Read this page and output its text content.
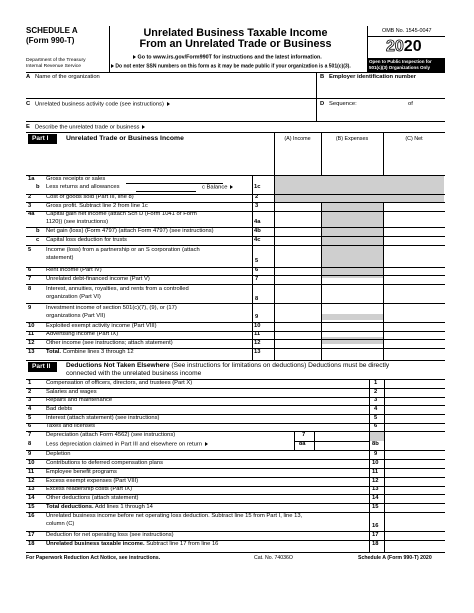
SCHEDULE A
(Form 990-T)
Department of the Treasury
Internal Revenue Service
Unrelated Business Taxable Income
From an Unrelated Trade or Business
Go to www.irs.gov/Form990T for instructions and the latest information.
Do not enter SSN numbers on this form as it may be made public if your organization is a 501(c)(3).
OMB No. 1545-0047
2020
Open to Public Inspection for
501(c)(3) Organizations Only
A Name of the organization	B Employer identification number
C Unrelated business activity code (see instructions)	D Sequence:	of
E Describe the unrelated trade or business
Part I	Unrelated Trade or Business Income	(A) Income	(B) Expenses	(C) Net
1a Gross receipts or sales
b Less returns and allowances	c Balance	1c
2	Cost of goods sold (Part III, line 8)	2
3	Gross profit. Subtract line 2 from line 1c	3
4a Capital gain net income (attach Sch D (Form 1041 or Form
1120)) (see instructions)	4a
b Net gain (loss) (Form 4797) (attach Form 4797) (see instructions)	4b
c Capital loss deduction for trusts	4c
5	Income (loss) from a partnership or an S corporation (attach
statement)	5
6	Rent income (Part IV)	6
7	Unrelated debt-financed income (Part V)	7
8	Interest, annuities, royalties, and rents from a controlled
organization (Part VI)	8
9	Investment income of section 501(c)(7), (9), or (17)
organizations (Part VII)	9
10 Exploited exempt activity income (Part VIII)	10
11 Advertising income (Part IX)	11
12 Other income (see instructions; attach statement)	12
13 Total. Combine lines 3 through 12	13
Part II Deductions Not Taken Elsewhere (See instructions for limitations on deductions) Deductions must be directly
connected with the unrelated business income
1	Compensation of officers, directors, and trustees (Part X)	1
2	Salaries and wages	2
3	Repairs and maintenance	3
4	Bad debts	4
5	Interest (attach statement) (see instructions)	5
6	Taxes and licenses	6
7	Depreciation (attach Form 4562) (see instructions)	7
8	Less depreciation claimed in Part III and elsewhere on return	8a	8b
9	Depletion	9
10 Contributions to deferred compensation plans	10
11 Employee benefit programs	11
12 Excess exempt expenses (Part VIII)	12
13 Excess readership costs (Part IX)	13
14 Other deductions (attach statement)	14
15 Total deductions. Add lines 1 through 14	15
16 Unrelated business income before net operating loss deduction. Subtract line 15 from Part I, line 13,
column (C)	16
17 Deduction for net operating loss (see instructions)	17
18 Unrelated business taxable income. Subtract line 17 from line 16	18
For Paperwork Reduction Act Notice, see instructions.	Cat. No. 74036O	Schedule A (Form 990-T) 2020
